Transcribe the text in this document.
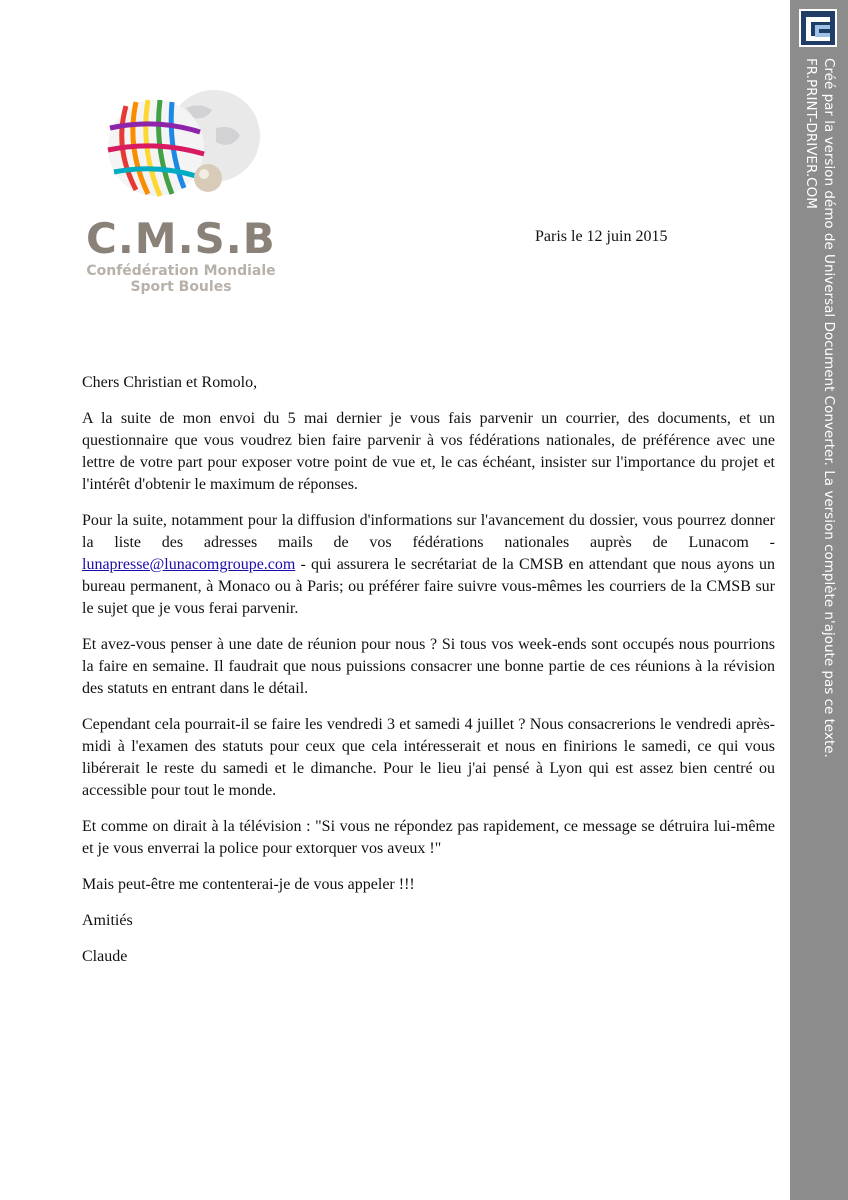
C.M.S.B
Confédération Mondiale
Sport Boules
Paris le 12 juin 2015

Chers Christian et Romolo,

A la suite de mon envoi du 5 mai dernier je vous fais parvenir un courrier, des documents, et un questionnaire que vous voudrez bien faire parvenir à vos fédérations nationales, de préférence avec une lettre de votre part pour exposer votre point de vue et, le cas échéant, insister sur l'importance du projet et l'intérêt d'obtenir le maximum de réponses.

Pour la suite, notamment pour la diffusion d'informations sur l'avancement du dossier, vous pourrez donner la liste des adresses mails de vos fédérations nationales auprès de Lunacom - lunapresse@lunacomgroupe.com - qui assurera le secrétariat de la CMSB en attendant que nous ayons un bureau permanent, à Monaco ou à Paris; ou préférer faire suivre vous-mêmes les courriers de la CMSB sur le sujet que je vous ferai parvenir.

Et avez-vous penser à une date de réunion pour nous ? Si tous vos week-ends sont occupés nous pourrions la faire en semaine. Il faudrait que nous puissions consacrer une bonne partie de ces réunions à la révision des statuts en entrant dans le détail.

Cependant cela pourrait-il se faire les vendredi 3 et samedi 4 juillet ? Nous consacrerions le vendredi après-midi à l'examen des statuts pour ceux que cela intéresserait et nous en finirions le samedi, ce qui vous libérerait le reste du samedi et le dimanche. Pour le lieu j'ai pensé à Lyon qui est assez bien centré ou accessible pour tout le monde.

Et comme on dirait à la télévision : "Si vous ne répondez pas rapidement, ce message se détruira lui-même et je vous enverrai la police pour extorquer vos aveux !"

Mais peut-être me contenterai-je de vous appeler !!!

Amitiés

Claude

Créé par la version démo de Universal Document Converter. La version complète n'ajoute pas ce texte.
FR.PRINT-DRIVER.COM
